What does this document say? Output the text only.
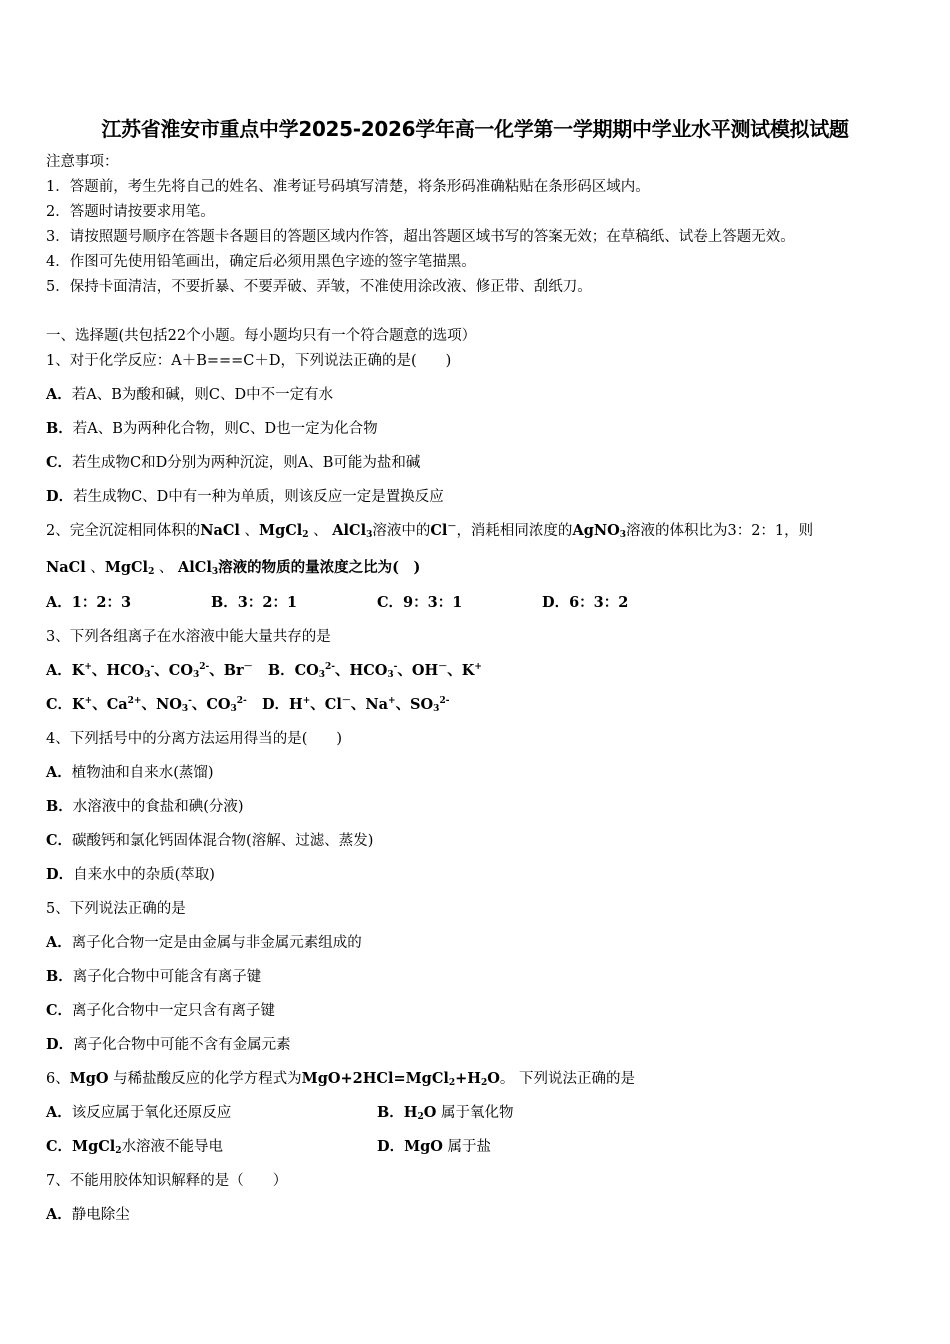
江苏省淮安市重点中学2025-2026学年高一化学第一学期期中学业水平测试模拟试题
注意事项：
1．答题前，考生先将自己的姓名、准考证号码填写清楚，将条形码准确粘贴在条形码区域内。
2．答题时请按要求用笔。
3．请按照题号顺序在答题卡各题目的答题区域内作答，超出答题区域书写的答案无效；在草稿纸、试卷上答题无效。
4．作图可先使用铅笔画出，确定后必须用黑色字迹的签字笔描黑。
5．保持卡面清洁，不要折暴、不要弄破、弄皱，不准使用涂改液、修正带、刮纸刀。
一、选择题(共包括22个小题。每小题均只有一个符合题意的选项）
1、对于化学反应：A＋B===C＋D，下列说法正确的是(　　)
A．若A、B为酸和碱，则C、D中不一定有水
B．若A、B为两种化合物，则C、D也一定为化合物
C．若生成物C和D分别为两种沉淀，则A、B可能为盐和碱
D．若生成物C、D中有一种为单质，则该反应一定是置换反应
2、完全沉淀相同体积的NaCl 、MgCl$_2$ 、 AlCl$_3$溶液中的Cl－，消耗相同浓度的AgNO$_3$溶液的体积比为3：2：1，则
NaCl 、MgCl$_2$ 、 AlCl$_3$溶液的物质的量浓度之比为(　)
A．1：2：3	B．3：2：1	C．9：3：1	D．6：3：2
3、下列各组离子在水溶液中能大量共存的是
A．K+、$HCO_3^-$、$CO_3^{2-}$、Br－ B．$CO_3^{2-}$、$HCO_3^-$、OH－、K+
C．K+、$Ca^{2+}$、$NO_3^-$、$CO_3^{2-}$ D．H+、Cl－、Na+、$SO_3^{2-}$
4、下列括号中的分离方法运用得当的是(　　)
A．植物油和自来水(蒸馏)
B．水溶液中的食盐和碘(分液)
C．碳酸钙和氯化钙固体混合物(溶解、过滤、蒸发)
D．自来水中的杂质(萃取)
5、下列说法正确的是
A．离子化合物一定是由金属与非金属元素组成的
B．离子化合物中可能含有离子键
C．离子化合物中一定只含有离子键
D．离子化合物中可能不含有金属元素
6、MgO 与稀盐酸反应的化学方程式为$MgO+2HCl=MgCl_2+H_2O$。 下列说法正确的是
A．该反应属于氧化还原反应	B．$H_2O$ 属于氧化物
C．MgCl$_2$水溶液不能导电	D．MgO 属于盐
7、不能用胶体知识解释的是（　　）
A．静电除尘
